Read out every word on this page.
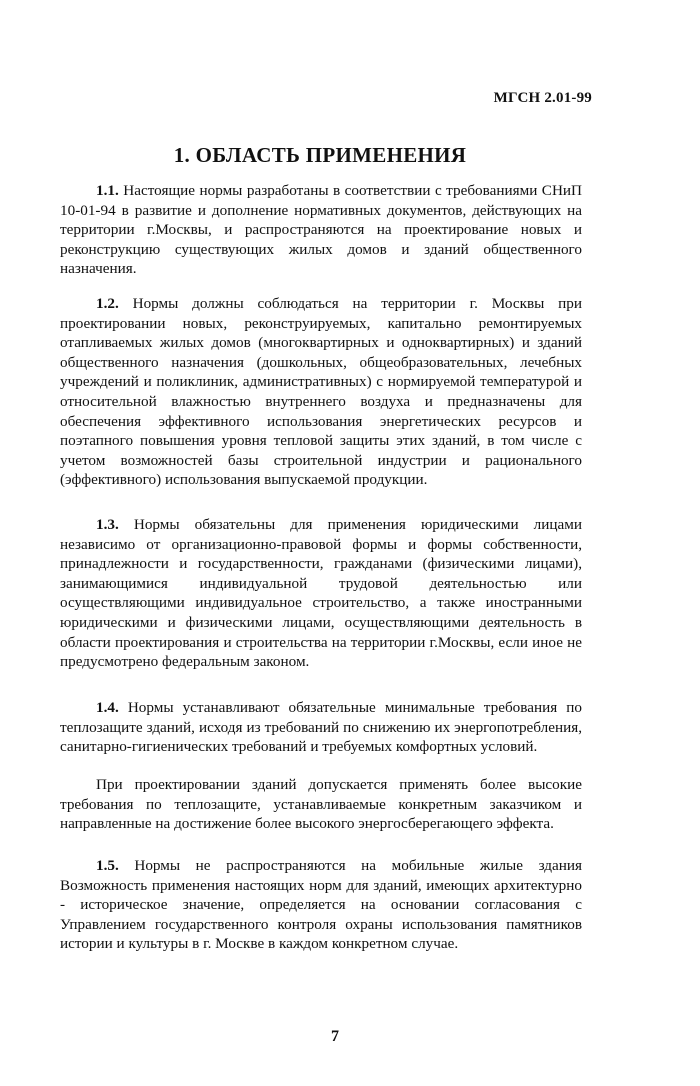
МГСН 2.01-99
1. ОБЛАСТЬ ПРИМЕНЕНИЯ

1.1. Настоящие нормы разработаны в соответствии с требованиями СНиП 10-01-94 в развитие и дополнение нормативных документов, действующих на территории г.Москвы, и распространяются на проектирование новых и реконструкцию существующих жилых домов и зданий общественного назначения.

1.2. Нормы должны соблюдаться на территории г. Москвы при проектировании новых, реконструируемых, капитально ремонтируемых отапливаемых жилых домов (многоквартирных и одноквартирных) и зданий общественного назначения (дошкольных, общеобразовательных, лечебных учреждений и поликлиник, административных) с нормируемой температурой и относительной влажностью внутреннего воздуха и предназначены для обеспечения эффективного использования энергетических ресурсов и поэтапного повышения уровня тепловой защиты этих зданий, в том числе с учетом возможностей базы строительной индустрии и рационального (эффективного) использования выпускаемой продукции.

1.3. Нормы обязательны для применения юридическими лицами независимо от организационно-правовой формы и формы собственности, принадлежности и государственности, гражданами (физическими лицами), занимающимися индивидуальной трудовой деятельностью или осуществляющими индивидуальное строительство, а также иностранными юридическими и физическими лицами, осуществляющими деятельность в области проектирования и строительства на территории г.Москвы, если иное не предусмотрено федеральным законом.

1.4. Нормы устанавливают обязательные минимальные требования по теплозащите зданий, исходя из требований по снижению их энергопотребления, санитарно-гигиенических требований и требуемых комфортных условий.

При проектировании зданий допускается применять более высокие требования по теплозащите, устанавливаемые конкретным заказчиком и направленные на достижение более высокого энергосберегающего эффекта.

1.5. Нормы не распространяются на мобильные жилые здания Возможность применения настоящих норм для зданий, имеющих архитектурно - историческое значение, определяется на основании согласования с Управлением государственного контроля охраны использования памятников истории и культуры в г. Москве в каждом конкретном случае.

7
